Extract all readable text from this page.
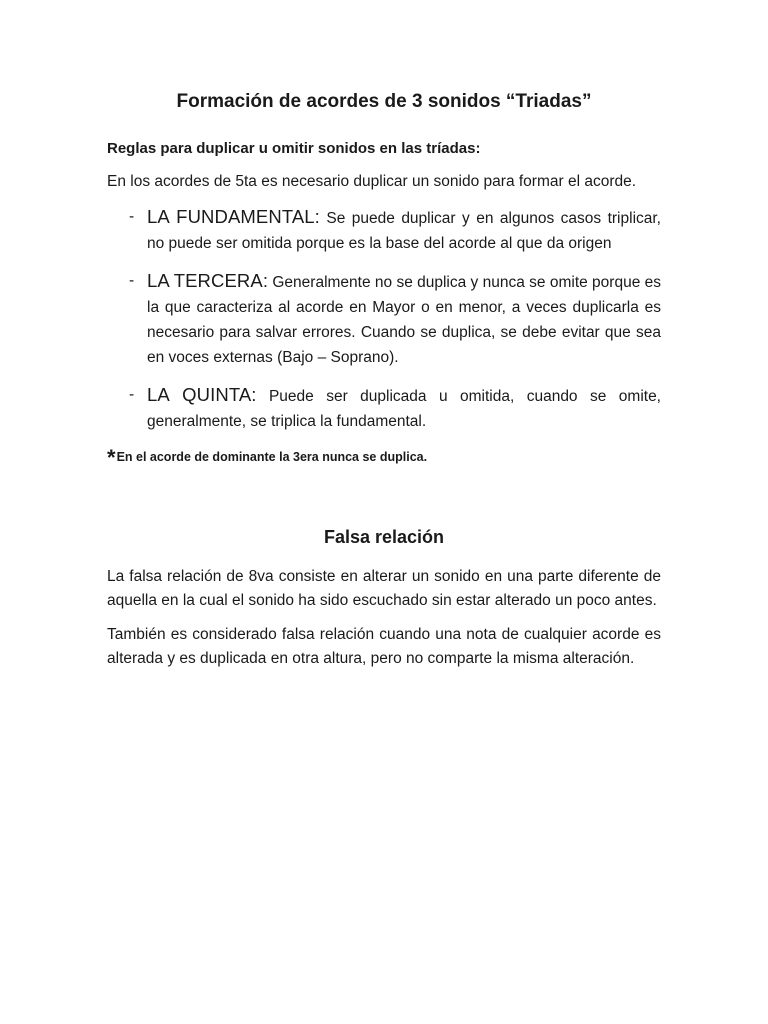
Formación de acordes de 3 sonidos “Triadas”

Reglas para duplicar u omitir sonidos en las tríadas:

En los acordes de 5ta es necesario duplicar un sonido para formar el acorde.

- LA FUNDAMENTAL: Se puede duplicar y en algunos casos triplicar, no puede ser omitida porque es la base del acorde al que da origen
- LA TERCERA: Generalmente no se duplica y nunca se omite porque es la que caracteriza al acorde en Mayor o en menor, a veces duplicarla es necesario para salvar errores. Cuando se duplica, se debe evitar que sea en voces externas (Bajo – Soprano).
- LA QUINTA: Puede ser duplicada u omitida, cuando se omite, generalmente, se triplica la fundamental.

*En el acorde de dominante la 3era nunca se duplica.

Falsa relación

La falsa relación de 8va consiste en alterar un sonido en una parte diferente de aquella en la cual el sonido ha sido escuchado sin estar alterado un poco antes.

También es considerado falsa relación cuando una nota de cualquier acorde es alterada y es duplicada en otra altura, pero no comparte la misma alteración.
